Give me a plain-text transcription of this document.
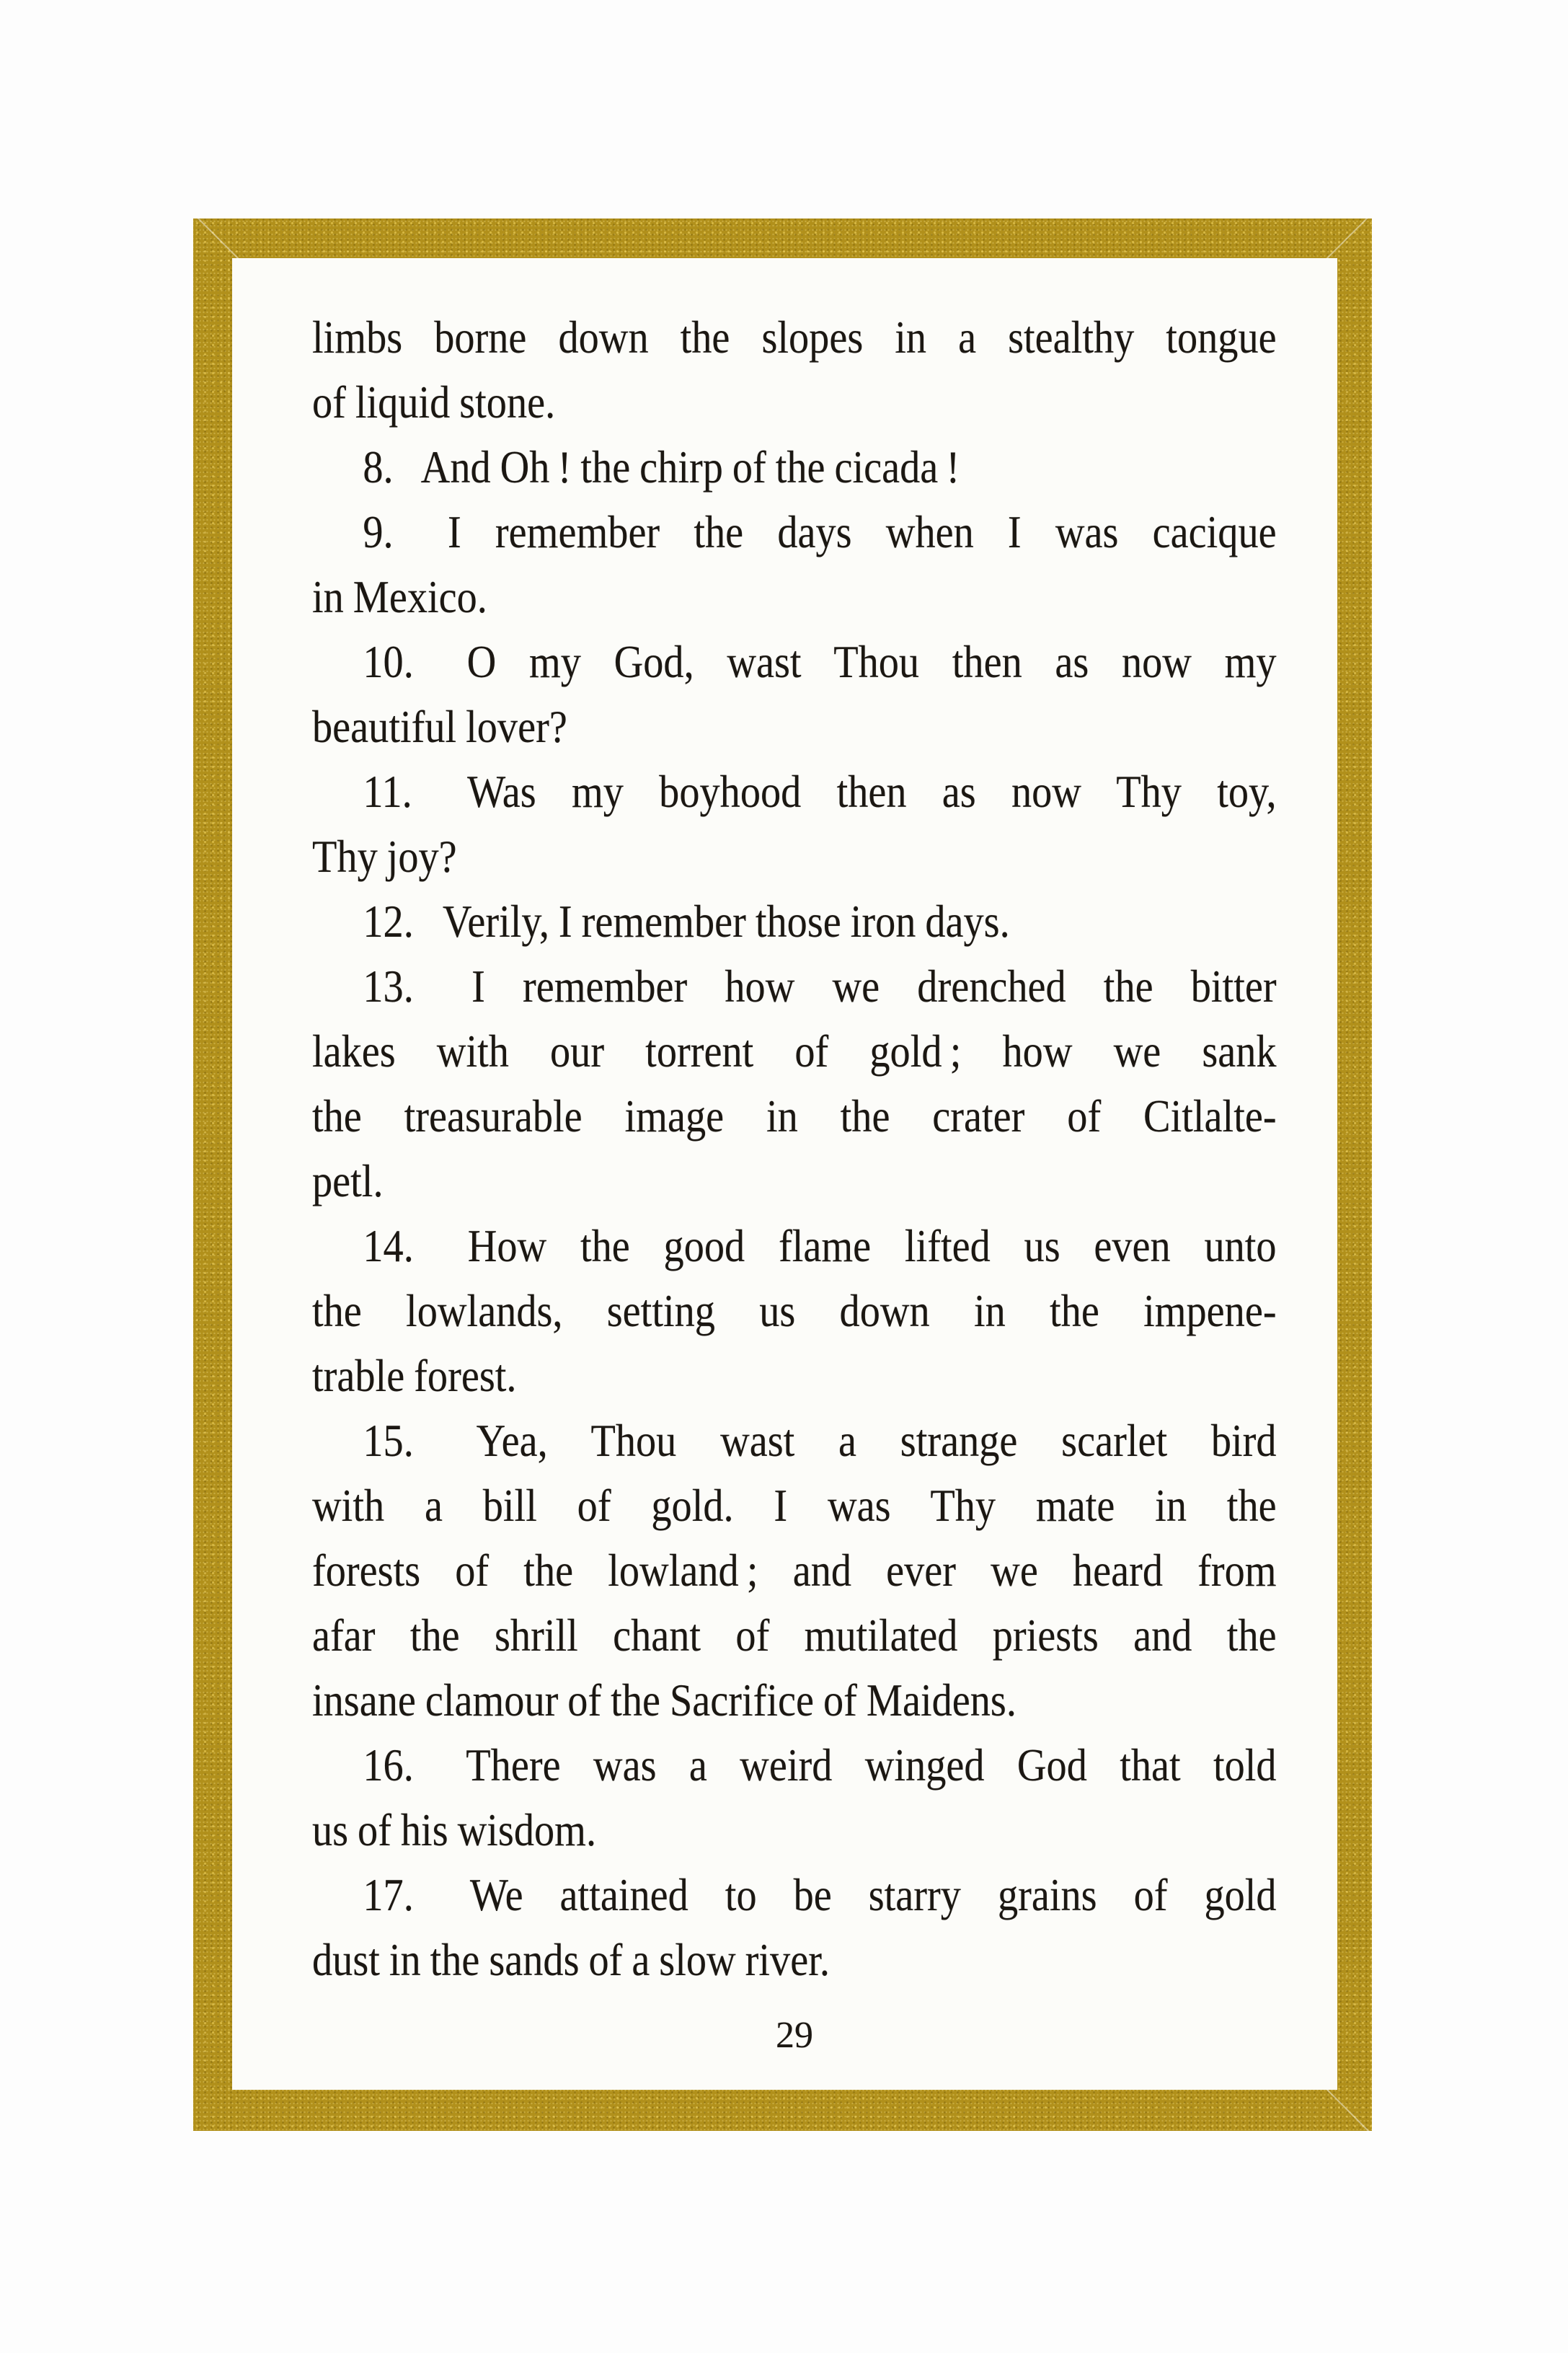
limbs borne down the slopes in a stealthy tongue
of liquid stone.
8.  And Oh ! the chirp of the cicada !
9.  I remember the days when I was cacique
in Mexico.
10.  O my God, wast Thou then as now my
beautiful lover?
11.  Was my boyhood then as now Thy toy,
Thy joy?
12.  Verily, I remember those iron days.
13.  I remember how we drenched the bitter
lakes with our torrent of gold ; how we sank
the treasurable image in the crater of Citlalte-
petl.
14.  How the good flame lifted us even unto
the lowlands, setting us down in the impene-
trable forest.
15.  Yea, Thou wast a strange scarlet bird
with a bill of gold. I was Thy mate in the
forests of the lowland ; and ever we heard from
afar the shrill chant of mutilated priests and the
insane clamour of the Sacrifice of Maidens.
16.  There was a weird winged God that told
us of his wisdom.
17.  We attained to be starry grains of gold
dust in the sands of a slow river.
29
